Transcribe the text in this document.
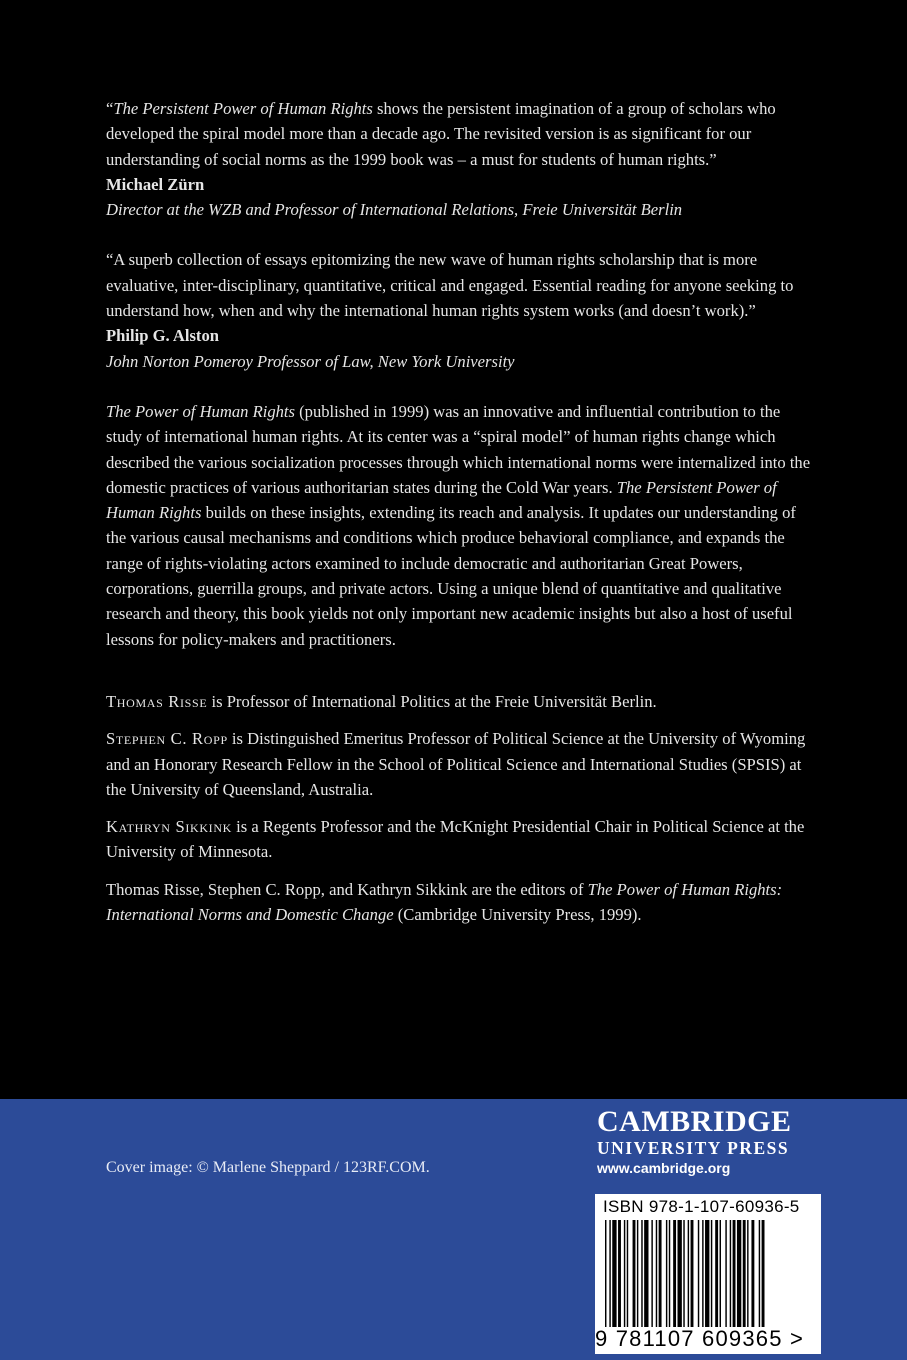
“The Persistent Power of Human Rights shows the persistent imagination of a group of scholars who developed the spiral model more than a decade ago. The revisited version is as significant for our understanding of social norms as the 1999 book was – a must for students of human rights.”

Michael Zürn
Director at the WZB and Professor of International Relations, Freie Universität Berlin

“A superb collection of essays epitomizing the new wave of human rights scholarship that is more evaluative, inter-disciplinary, quantitative, critical and engaged. Essential reading for anyone seeking to understand how, when and why the international human rights system works (and doesn’t work).”

Philip G. Alston
John Norton Pomeroy Professor of Law, New York University

The Power of Human Rights (published in 1999) was an innovative and influential contribution to the study of international human rights. At its center was a “spiral model” of human rights change which described the various socialization processes through which international norms were internalized into the domestic practices of various authoritarian states during the Cold War years. The Persistent Power of Human Rights builds on these insights, extending its reach and analysis. It updates our understanding of the various causal mechanisms and conditions which produce behavioral compliance, and expands the range of rights-violating actors examined to include democratic and authoritarian Great Powers, corporations, guerrilla groups, and private actors. Using a unique blend of quantitative and qualitative research and theory, this book yields not only important new academic insights but also a host of useful lessons for policy-makers and practitioners.

Thomas Risse is Professor of International Politics at the Freie Universität Berlin.

Stephen C. Ropp is Distinguished Emeritus Professor of Political Science at the University of Wyoming and an Honorary Research Fellow in the School of Political Science and International Studies (SPSIS) at the University of Queensland, Australia.

Kathryn Sikkink is a Regents Professor and the McKnight Presidential Chair in Political Science at the University of Minnesota.

Thomas Risse, Stephen C. Ropp, and Kathryn Sikkink are the editors of The Power of Human Rights: International Norms and Domestic Change (Cambridge University Press, 1999).

Cover image: © Marlene Sheppard / 123RF.COM.
CAMBRIDGE
UNIVERSITY PRESS
www.cambridge.org
ISBN 978-1-107-60936-5
9 781107 609365 >
